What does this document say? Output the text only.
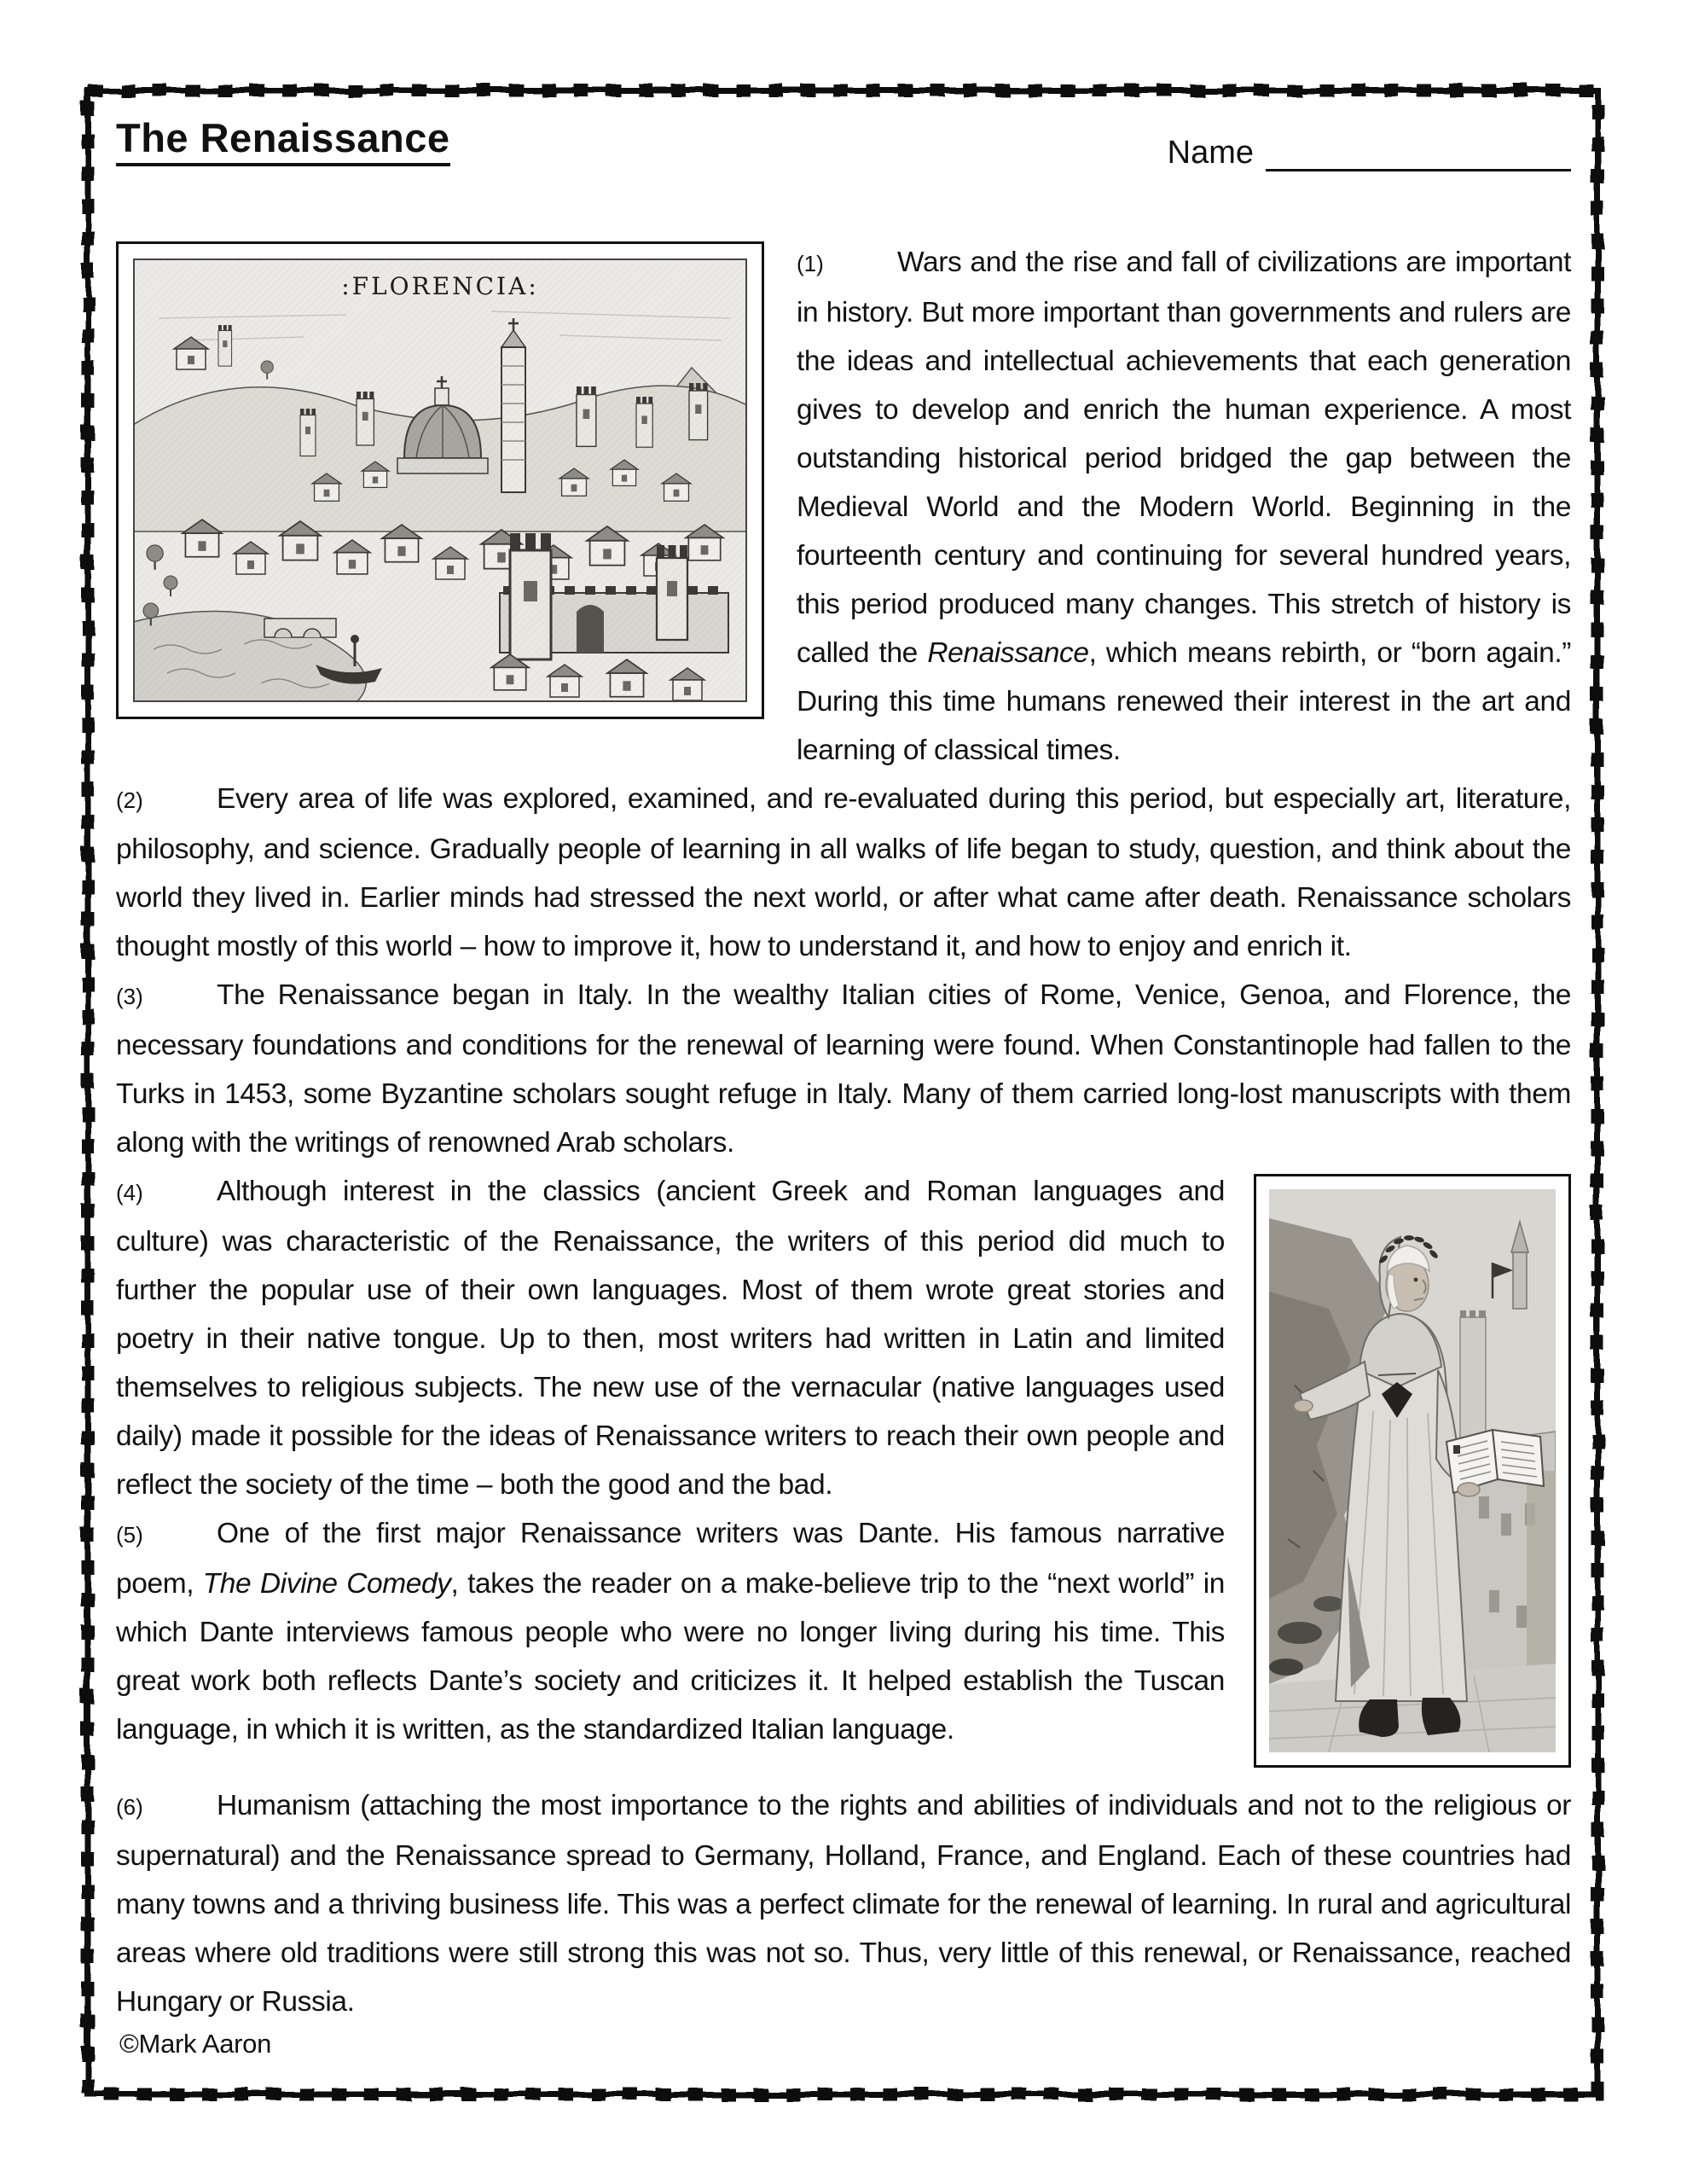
The Renaissance	Name
(1)	Wars and the rise and fall of civilizations are important in history. But more important than governments and rulers are the ideas and intellectual achievements that each generation gives to develop and enrich the human experience. A most outstanding historical period bridged the gap between the Medieval World and the Modern World. Beginning in the fourteenth century and continuing for several hundred years, this period produced many changes. This stretch of history is called the Renaissance, which means rebirth, or “born again.” During this time humans renewed their interest in the art and learning of classical times.
(2)	Every area of life was explored, examined, and re-evaluated during this period, but especially art, literature, philosophy, and science. Gradually people of learning in all walks of life began to study, question, and think about the world they lived in. Earlier minds had stressed the next world, or after what came after death. Renaissance scholars thought mostly of this world – how to improve it, how to understand it, and how to enjoy and enrich it.
(3)	The Renaissance began in Italy. In the wealthy Italian cities of Rome, Venice, Genoa, and Florence, the necessary foundations and conditions for the renewal of learning were found. When Constantinople had fallen to the Turks in 1453, some Byzantine scholars sought refuge in Italy. Many of them carried long-lost manuscripts with them along with the writings of renowned Arab scholars.
(4)	Although interest in the classics (ancient Greek and Roman languages and culture) was characteristic of the Renaissance, the writers of this period did much to further the popular use of their own languages. Most of them wrote great stories and poetry in their native tongue. Up to then, most writers had written in Latin and limited themselves to religious subjects. The new use of the vernacular (native languages used daily) made it possible for the ideas of Renaissance writers to reach their own people and reflect the society of the time – both the good and the bad.
(5)	One of the first major Renaissance writers was Dante. His famous narrative poem, The Divine Comedy, takes the reader on a make-believe trip to the “next world” in which Dante interviews famous people who were no longer living during his time. This great work both reflects Dante’s society and criticizes it. It helped establish the Tuscan language, in which it is written, as the standardized Italian language.
(6)	Humanism (attaching the most importance to the rights and abilities of individuals and not to the religious or supernatural) and the Renaissance spread to Germany, Holland, France, and England. Each of these countries had many towns and a thriving business life. This was a perfect climate for the renewal of learning. In rural and agricultural areas where old traditions were still strong this was not so. Thus, very little of this renewal, or Renaissance, reached Hungary or Russia.
©Mark Aaron
